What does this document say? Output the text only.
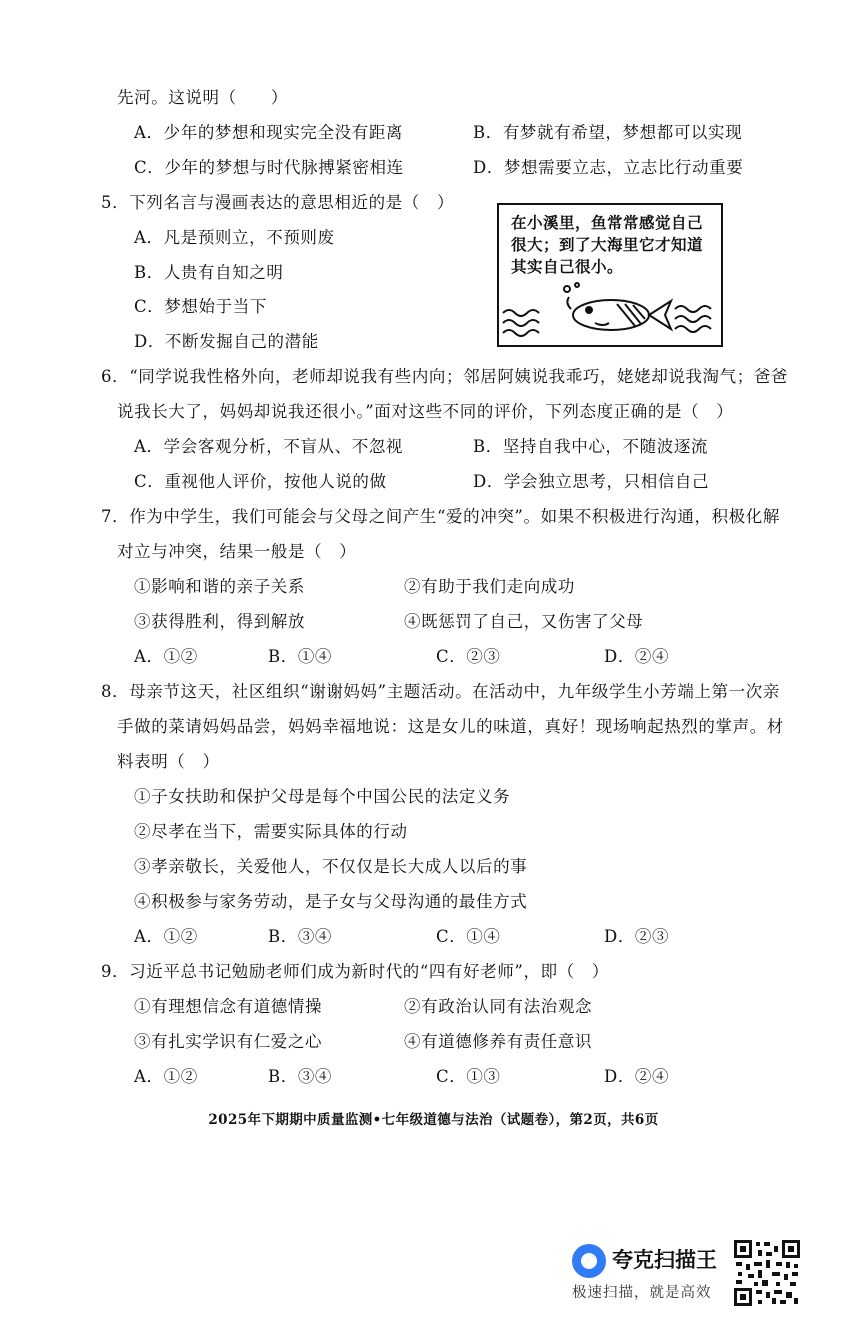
先河。这说明（　　）
A．少年的梦想和现实完全没有距离	B．有梦就有希望，梦想都可以实现
C．少年的梦想与时代脉搏紧密相连	D．梦想需要立志，立志比行动重要
5．下列名言与漫画表达的意思相近的是（　）
A．凡是预则立，不预则废
B．人贵有自知之明
C．梦想始于当下
D．不断发掘自己的潜能
6．“同学说我性格外向，老师却说我有些内向；邻居阿姨说我乖巧，姥姥却说我淘气；爸爸
说我长大了，妈妈却说我还很小。”面对这些不同的评价，下列态度正确的是（　）
A．学会客观分析，不盲从、不忽视	B．坚持自我中心，不随波逐流
C．重视他人评价，按他人说的做	D．学会独立思考，只相信自己
7．作为中学生，我们可能会与父母之间产生“爱的冲突”。如果不积极进行沟通，积极化解
对立与冲突，结果一般是（　）
①影响和谐的亲子关系	②有助于我们走向成功
③获得胜利，得到解放	④既惩罚了自己，又伤害了父母
A．①②	B．①④	C．②③	D．②④
8．母亲节这天，社区组织“谢谢妈妈”主题活动。在活动中，九年级学生小芳端上第一次亲
手做的菜请妈妈品尝，妈妈幸福地说：这是女儿的味道，真好！现场响起热烈的掌声。材
料表明（　）
①子女扶助和保护父母是每个中国公民的法定义务
②尽孝在当下，需要实际具体的行动
③孝亲敬长，关爱他人，不仅仅是长大成人以后的事
④积极参与家务劳动，是子女与父母沟通的最佳方式
A．①②	B．③④	C．①④	D．②③
9．习近平总书记勉励老师们成为新时代的“四有好老师”，即（　）
①有理想信念有道德情操	②有政治认同有法治观念
③有扎实学识有仁爱之心	④有道德修养有责任意识
A．①②	B．③④	C．①③	D．②④
在小溪里，鱼常常感觉自己很大；到了大海里它才知道其实自己很小。
2025年下期期中质量监测•七年级道德与法治（试题卷），第2页，共6页
夸克扫描王
极速扫描，就是高效
